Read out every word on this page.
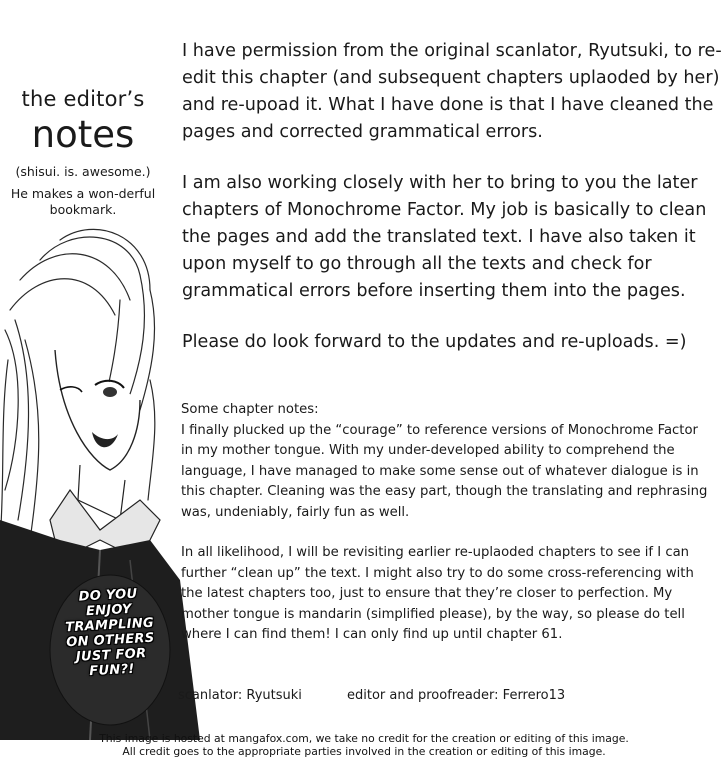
the editor’s
notes
(shisui. is. awesome.)
He makes a won-derful bookmark.
DO YOU
ENJOY
TRAMPLING
ON OTHERS
JUST FOR
FUN?!

I have permission from the original scanlator, Ryutsuki, to re-edit this chapter (and subsequent chapters uplaoded by her) and re-upoad it. What I have done is that I have cleaned the pages and corrected grammatical errors.

I am also working closely with her to bring to you the later chapters of Monochrome Factor. My job is basically to clean the pages and add the translated text. I have also taken it upon myself to go through all the texts and check for grammatical errors before inserting them into the pages.

Please do look forward to the updates and re-uploads. =)

Some chapter notes:

I finally plucked up the “courage” to reference versions of Monochrome Factor in my mother tongue. With my under-developed ability to comprehend the language, I have managed to make some sense out of whatever dialogue is in this chapter. Cleaning was the easy part, though the translating and rephrasing was, undeniably, fairly fun as well.

In all likelihood, I will be revisiting earlier re-uplaoded chapters to see if I can further “clean up” the text. I might also try to do some cross-referencing with the latest chapters too, just to ensure that they’re closer to perfection. My mother tongue is mandarin (simplified please), by the way, so please do tell where I can find them! I can only find up until chapter 61.

scanlator: Ryutsuki	editor and proofreader: Ferrero13
This image is hosted at mangafox.com, we take no credit for the creation or editing of this image.
All credit goes to the appropriate parties involved in the creation or editing of this image.
